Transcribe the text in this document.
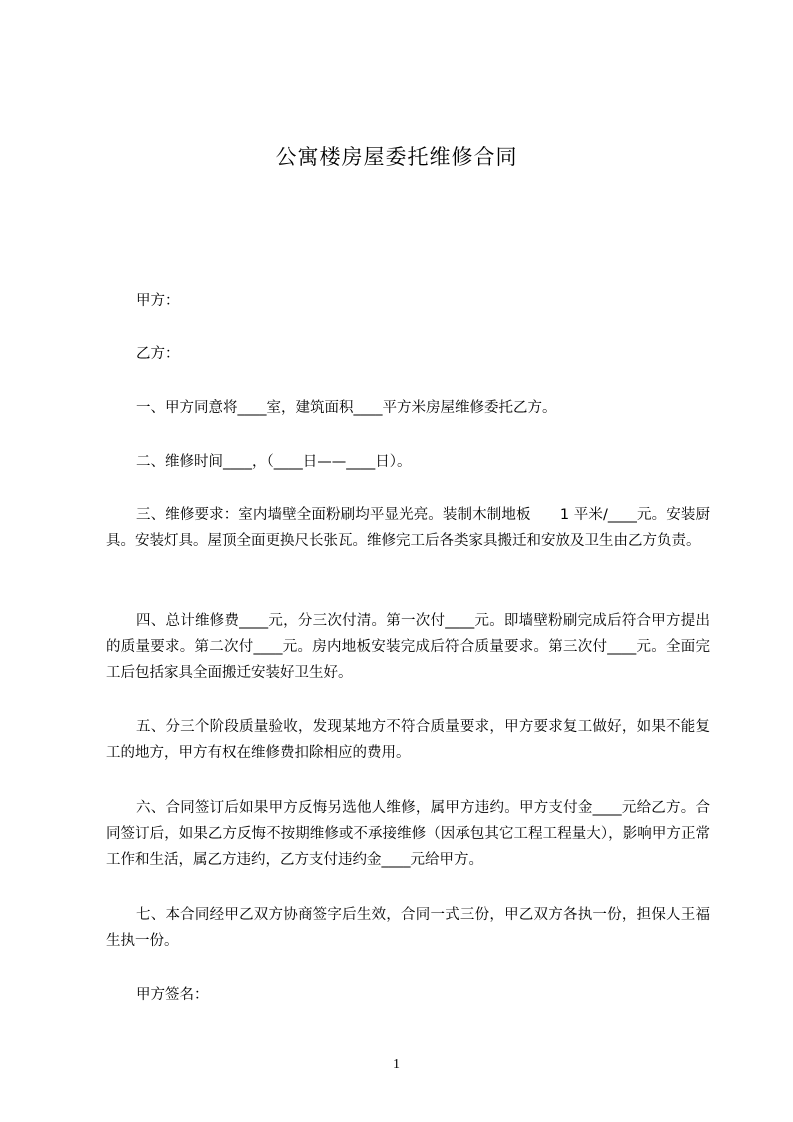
公寓楼房屋委托维修合同
甲方：
乙方：
一、甲方同意将____室，建筑面积____平方米房屋维修委托乙方。
二、维修时间____，（____日——____日）。
三、维修要求：室内墙壁全面粉刷均平显光亮。装制木制地板　　1 平米/____元。安装厨具。安装灯具。屋顶全面更换尺长张瓦。维修完工后各类家具搬迁和安放及卫生由乙方负责。
四、总计维修费____元，分三次付清。第一次付____元。即墙壁粉刷完成后符合甲方提出的质量要求。第二次付____元。房内地板安装完成后符合质量要求。第三次付____元。全面完工后包括家具全面搬迁安装好卫生好。
五、分三个阶段质量验收，发现某地方不符合质量要求，甲方要求复工做好，如果不能复工的地方，甲方有权在维修费扣除相应的费用。
六、合同签订后如果甲方反悔另选他人维修，属甲方违约。甲方支付金____元给乙方。合同签订后，如果乙方反悔不按期维修或不承接维修（因承包其它工程工程量大），影响甲方正常工作和生活，属乙方违约，乙方支付违约金____元给甲方。
七、本合同经甲乙双方协商签字后生效，合同一式三份，甲乙双方各执一份，担保人王福生执一份。
甲方签名：
1
